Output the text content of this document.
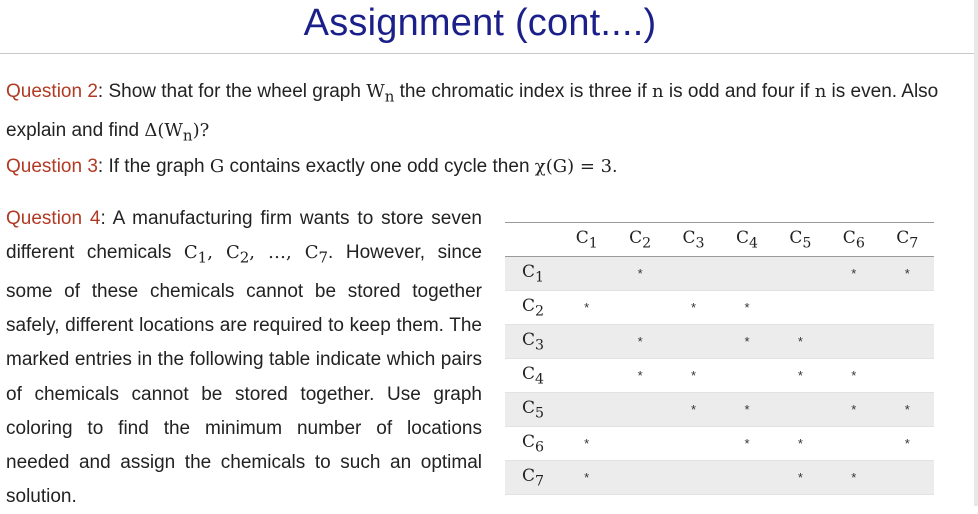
Assignment (cont....)
Question 2: Show that for the wheel graph $W_n$ the chromatic index is three if n is odd and four if n is even. Also explain and find $\Delta(W_n)$?
Question 3: If the graph G contains exactly one odd cycle then χ(G) = 3.
Question 4: A manufacturing firm wants to store seven different chemicals $C_1$, $C_2$, …, $C_7$. However, since some of these chemicals cannot be stored together safely, different locations are required to keep them. The marked entries in the following table indicate which pairs of chemicals cannot be stored together. Use graph coloring to find the minimum number of locations needed and assign the chemicals to such an optimal solution.
	$C_1$	$C_2$	$C_3$	$C_4$	$C_5$	$C_6$	$C_7$
$C_1$		*				*	*
$C_2$	*		*	*			
$C_3$		*		*	*		
$C_4$		*	*		*	*	
$C_5$			*	*		*	*
$C_6$	*			*	*		*
$C_7$	*				*	*	
